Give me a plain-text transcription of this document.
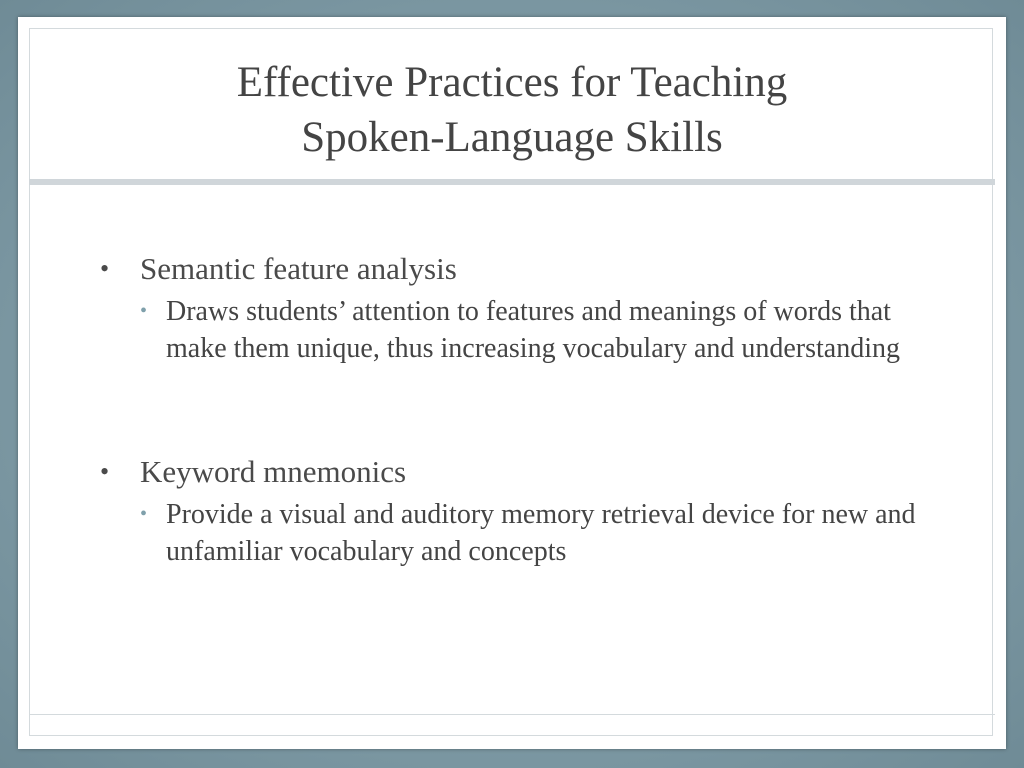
Effective Practices for Teaching
Spoken-Language Skills
• Semantic feature analysis
• Draws students’ attention to features and meanings of words that make them unique, thus increasing vocabulary and understanding
• Keyword mnemonics
• Provide a visual and auditory memory retrieval device for new and unfamiliar vocabulary and concepts
